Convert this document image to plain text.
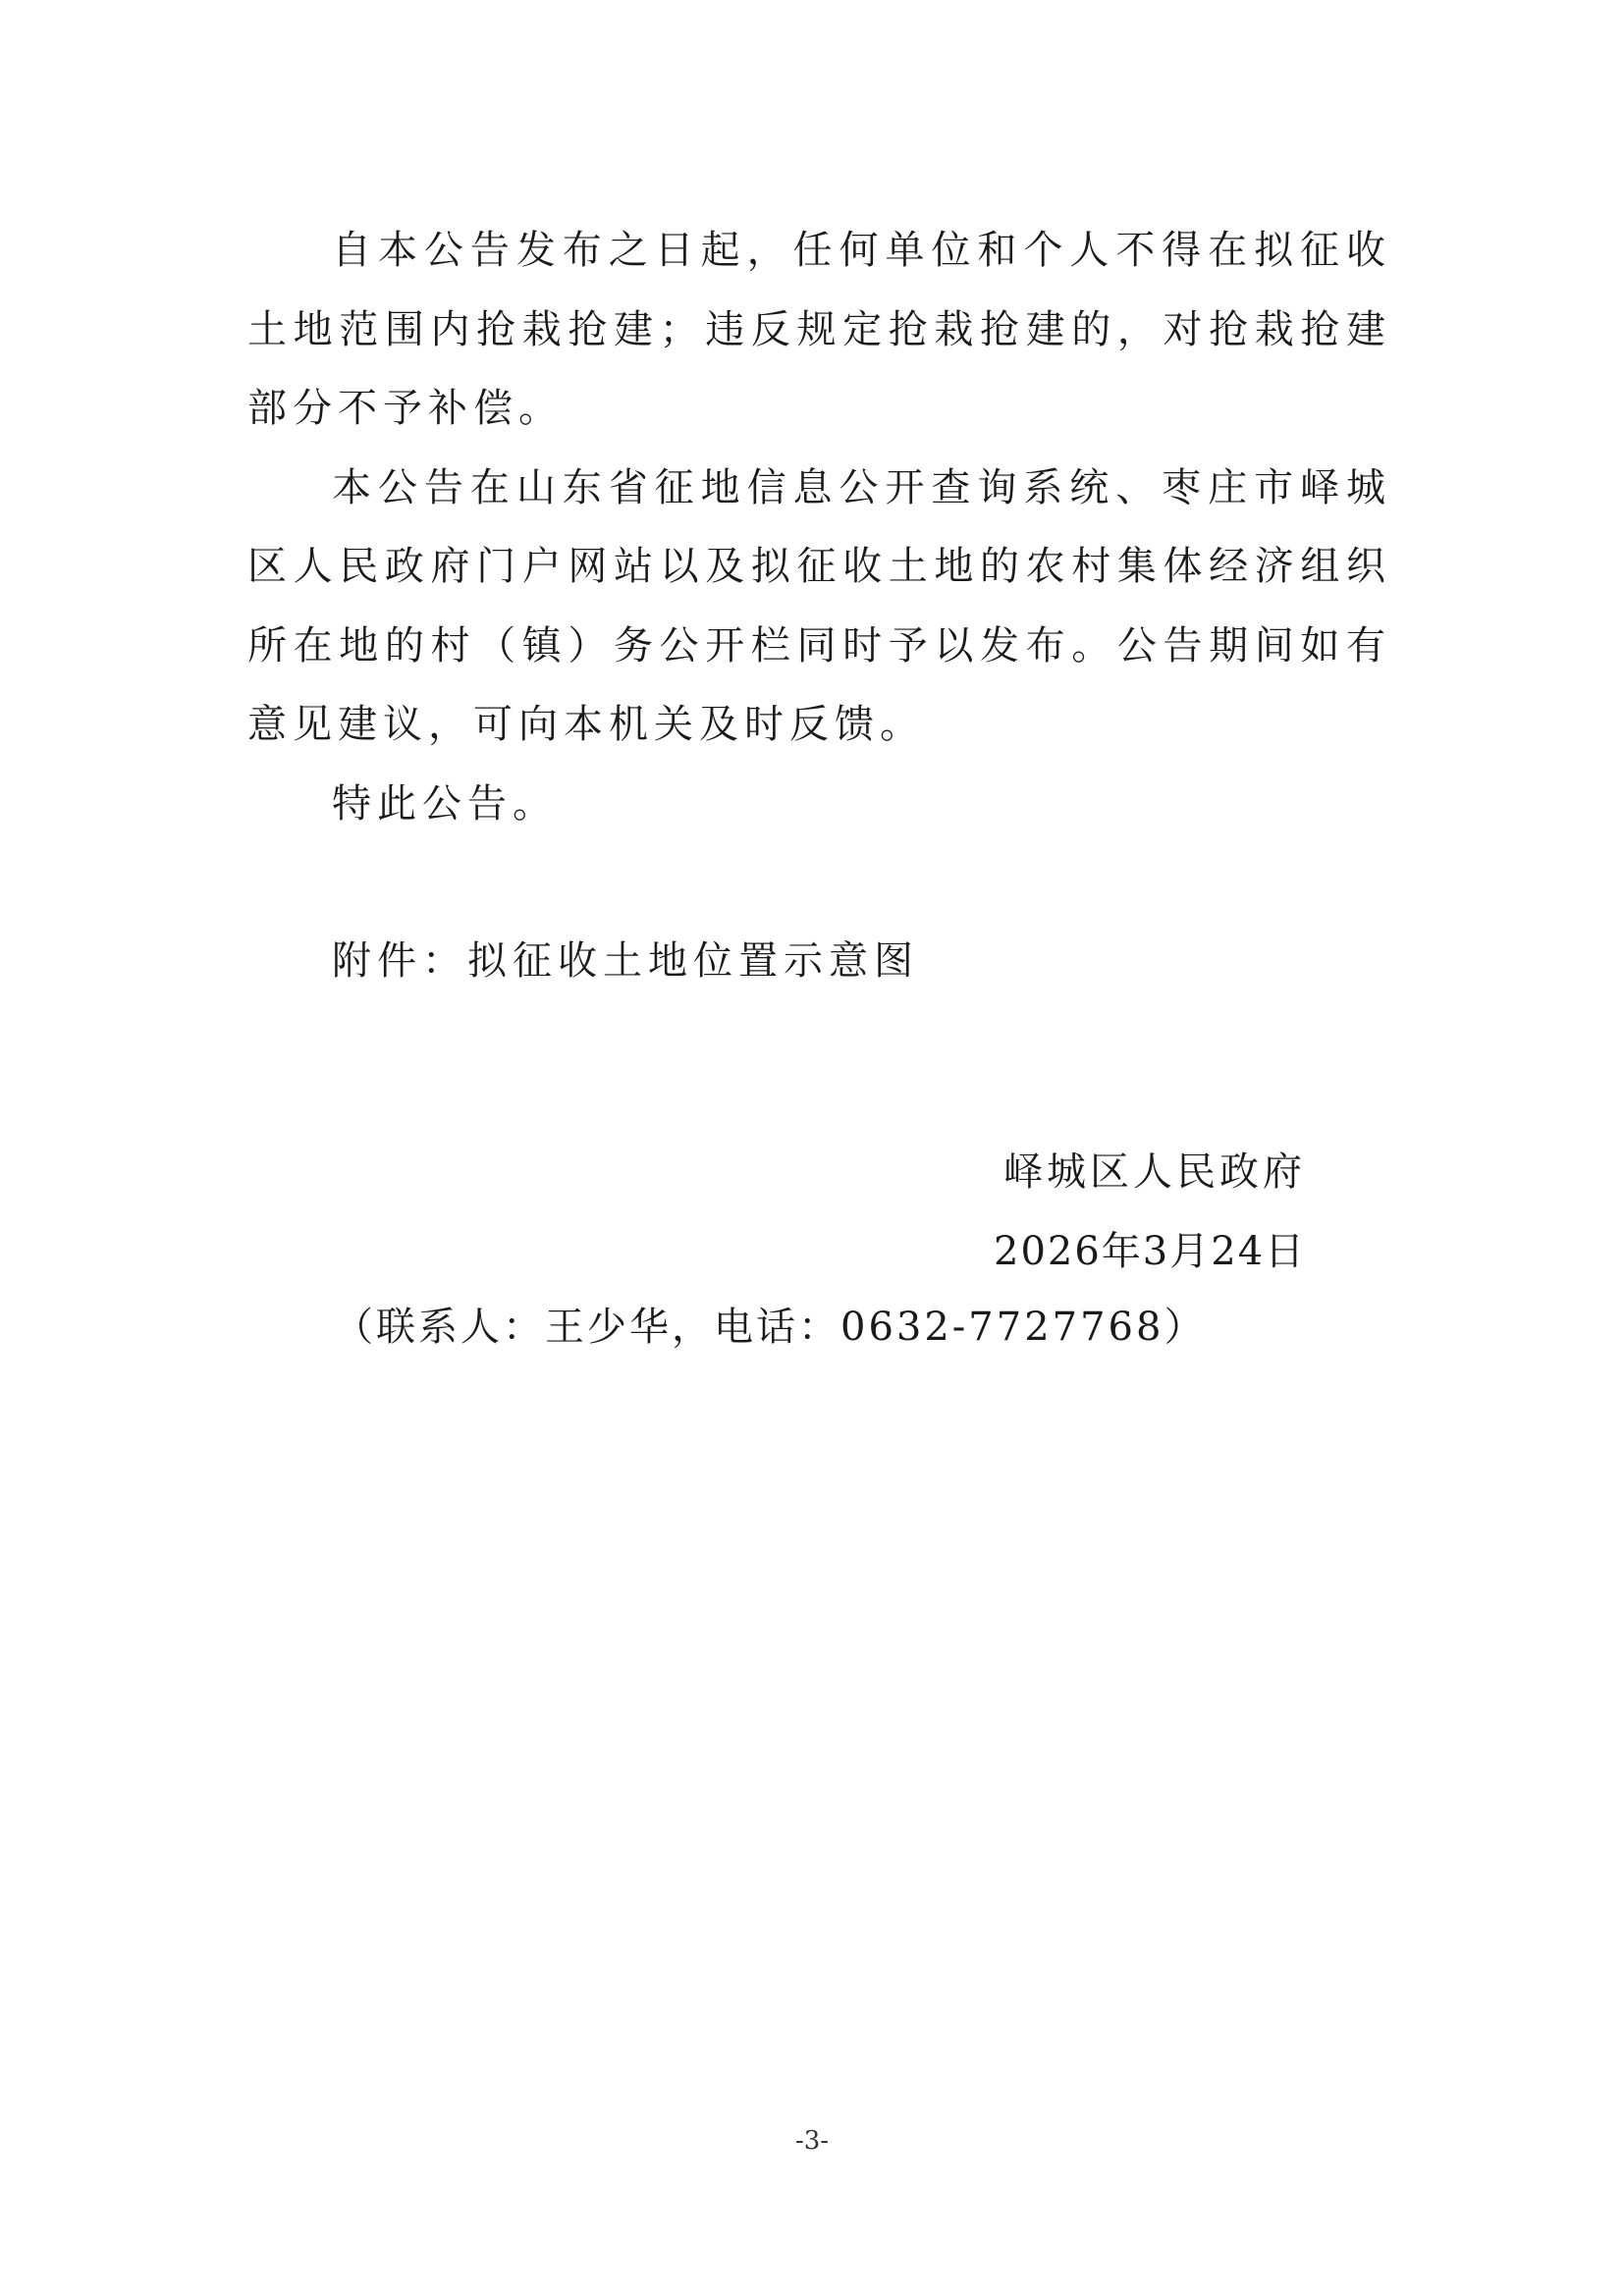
自本公告发布之日起，任何单位和个人不得在拟征收土地范围内抢栽抢建；违反规定抢栽抢建的，对抢栽抢建部分不予补偿。

本公告在山东省征地信息公开查询系统、枣庄市峄城区人民政府门户网站以及拟征收土地的农村集体经济组织所在地的村（镇）务公开栏同时予以发布。公告期间如有意见建议，可向本机关及时反馈。

特此公告。

附件：拟征收土地位置示意图

峄城区人民政府
2026年3月24日
（联系人：王少华，电话：0632-7727768）
-3-
